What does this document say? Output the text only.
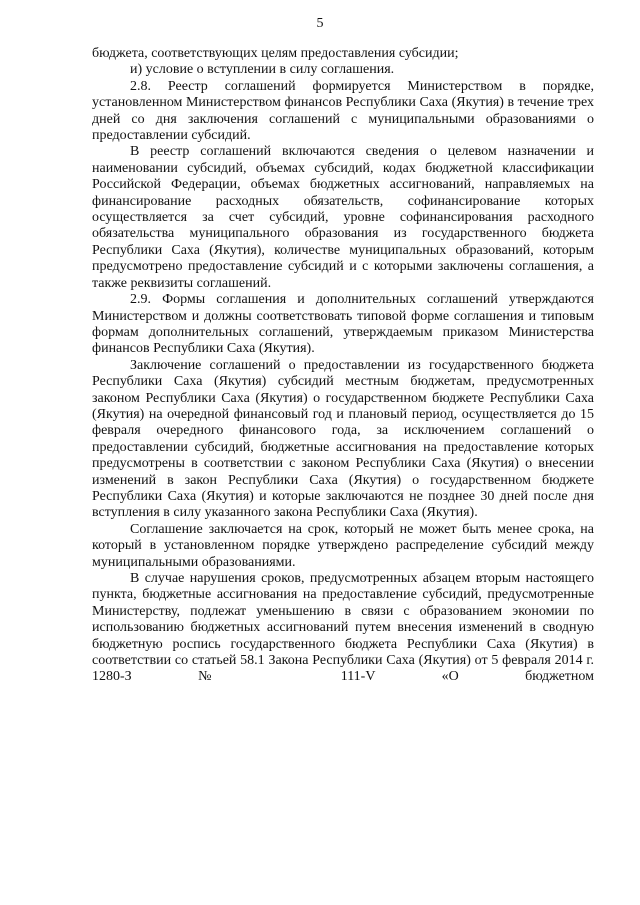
5

бюджета, соответствующих целям предоставления субсидии;

и) условие о вступлении в силу соглашения.

2.8. Реестр соглашений формируется Министерством в порядке, установленном Министерством финансов Республики Саха (Якутия) в течение трех дней со дня заключения соглашений с муниципальными образованиями о предоставлении субсидий.

В реестр соглашений включаются сведения о целевом назначении и наименовании субсидий, объемах субсидий, кодах бюджетной классификации Российской Федерации, объемах бюджетных ассигнований, направляемых на финансирование расходных обязательств, софинансирование которых осуществляется за счет субсидий, уровне софинансирования расходного обязательства муниципального образования из государственного бюджета Республики Саха (Якутия), количестве муниципальных образований, которым предусмотрено предоставление субсидий и с которыми заключены соглашения, а также реквизиты соглашений.

2.9. Формы соглашения и дополнительных соглашений утверждаются Министерством и должны соответствовать типовой форме соглашения и типовым формам дополнительных соглашений, утверждаемым приказом Министерства финансов Республики Саха (Якутия).

Заключение соглашений о предоставлении из государственного бюджета Республики Саха (Якутия) субсидий местным бюджетам, предусмотренных законом Республики Саха (Якутия) о государственном бюджете Республики Саха (Якутия) на очередной финансовый год и плановый период, осуществляется до 15 февраля очередного финансового года, за исключением соглашений о предоставлении субсидий, бюджетные ассигнования на предоставление которых предусмотрены в соответствии с законом Республики Саха (Якутия) о внесении изменений в закон Республики Саха (Якутия) о государственном бюджете Республики Саха (Якутия) и которые заключаются не позднее 30 дней после дня вступления в силу указанного закона Республики Саха (Якутия).

Соглашение заключается на срок, который не может быть менее срока, на который в установленном порядке утверждено распределение субсидий между муниципальными образованиями.

В случае нарушения сроков, предусмотренных абзацем вторым настоящего пункта, бюджетные ассигнования на предоставление субсидий, предусмотренные Министерству, подлежат уменьшению в связи с образованием экономии по использованию бюджетных ассигнований путем внесения изменений в сводную бюджетную роспись государственного бюджета Республики Саха (Якутия) в соответствии со статьей 58.1 Закона Республики Саха (Якутия) от 5 февраля 2014 г. 1280-З № 111-V «О бюджетном
